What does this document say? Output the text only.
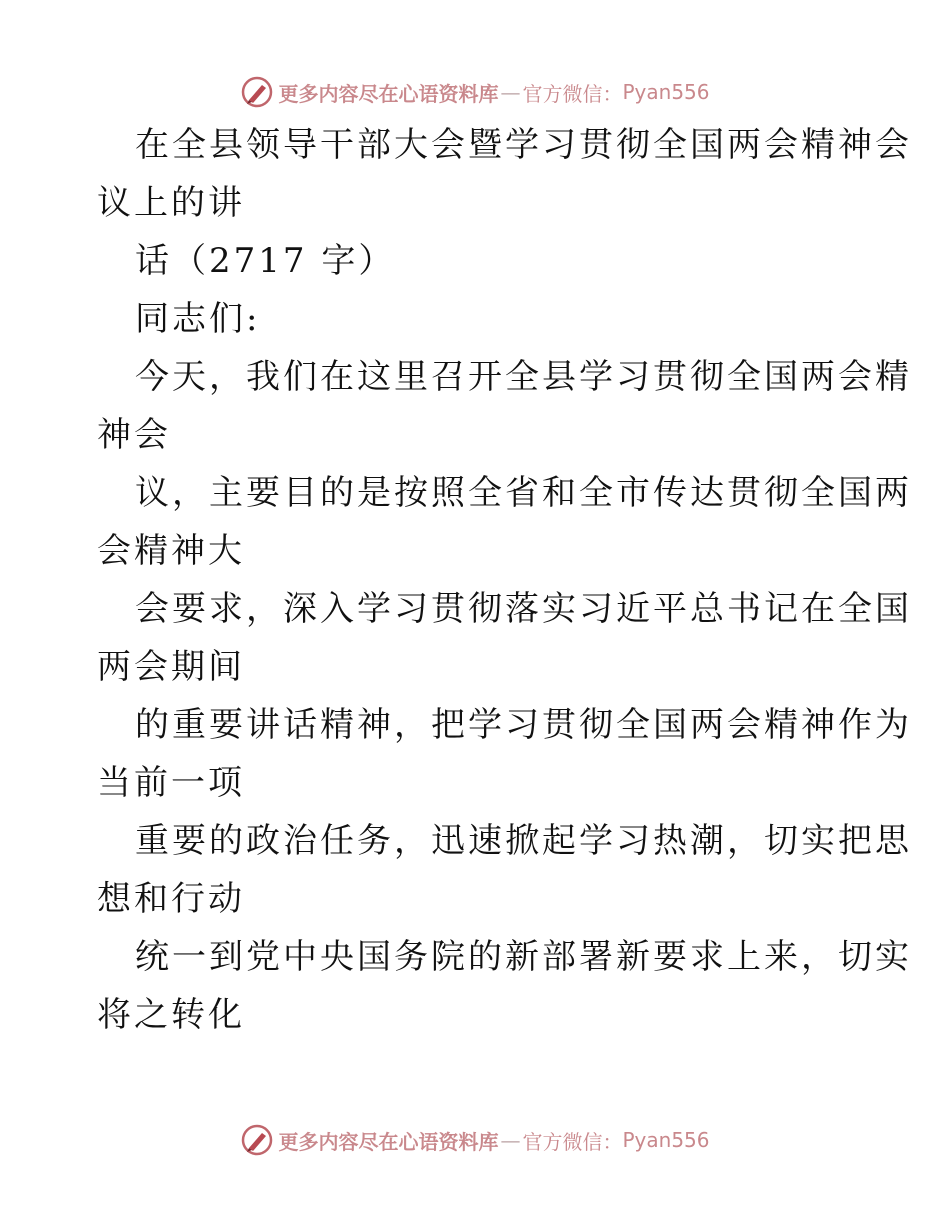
更多内容尽在心语资料库 — 官方微信： Pyan556
在全县领导干部大会暨学习贯彻全国两会精神会
议上的讲
话（2717 字）
同志们:
今天，我们在这里召开全县学习贯彻全国两会精
神会
议，主要目的是按照全省和全市传达贯彻全国两
会精神大
会要求，深入学习贯彻落实习近平总书记在全国
两会期间
的重要讲话精神，把学习贯彻全国两会精神作为
当前一项
重要的政治任务，迅速掀起学习热潮，切实把思
想和行动
统一到党中央国务院的新部署新要求上来，切实
将之转化
更多内容尽在心语资料库 — 官方微信： Pyan556
